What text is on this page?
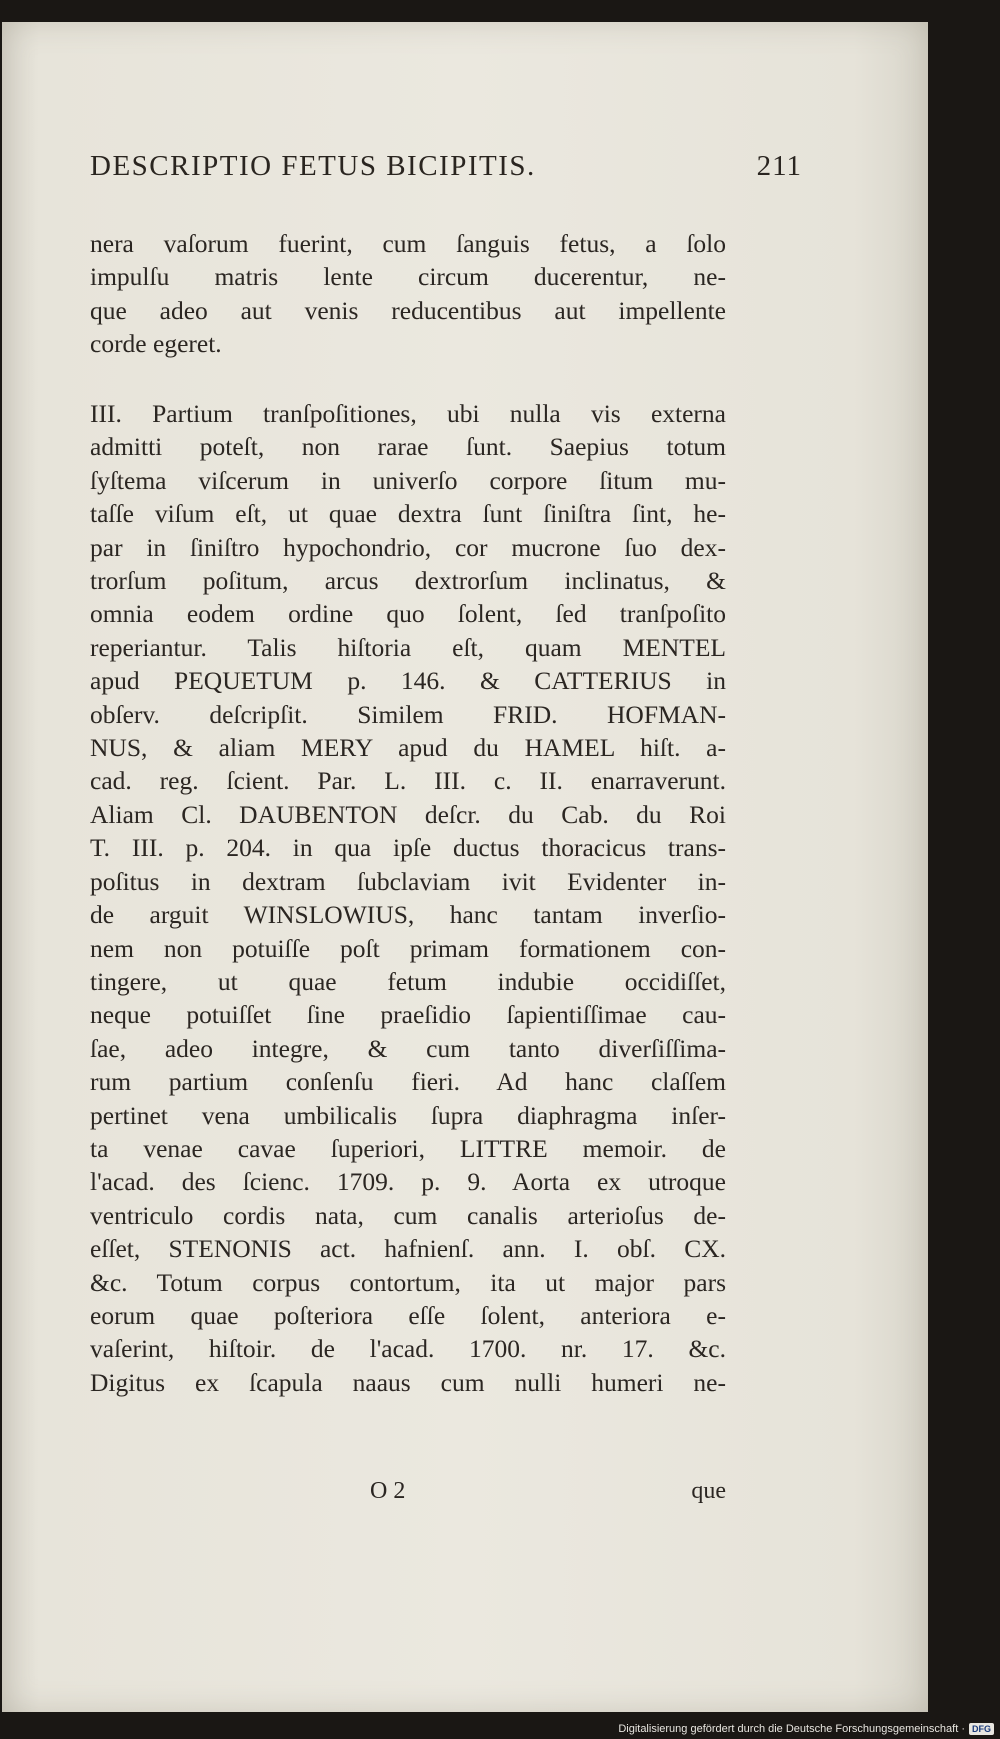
DESCRIPTIO FETUS BICIPITIS.	211
nera vaſorum fuerint, cum ſanguis fetus, a ſolo
impulſu matris lente circum ducerentur, ne-
que adeo aut venis reducentibus aut impellente
corde egeret.
III. Partium tranſpoſitiones, ubi nulla vis externa
admitti poteſt, non rarae ſunt. Saepius totum
ſyſtema viſcerum in univerſo corpore ſitum mu-
taſſe viſum eſt, ut quae dextra ſunt ſiniſtra ſint, he-
par in ſiniſtro hypochondrio, cor mucrone ſuo dex-
trorſum poſitum, arcus dextrorſum inclinatus, &
omnia eodem ordine quo ſolent, ſed tranſpoſito
reperiantur. Talis hiſtoria eſt, quam MENTEL
apud PEQUETUM p. 146. & CATTERIUS in
obſerv. deſcripſit. Similem FRID. HOFMAN-
NUS, & aliam MERY apud du HAMEL hiſt. a-
cad. reg. ſcient. Par. L. III. c. II. enarraverunt.
Aliam Cl. DAUBENTON deſcr. du Cab. du Roi
T. III. p. 204. in qua ipſe ductus thoracicus trans-
poſitus in dextram ſubclaviam ivit Evidenter in-
de arguit WINSLOWIUS, hanc tantam inverſio-
nem non potuiſſe poſt primam formationem con-
tingere, ut quae fetum indubie occidiſſet,
neque potuiſſet ſine praeſidio ſapientiſſimae cau-
ſae, adeo integre, & cum tanto diverſiſſima-
rum partium conſenſu fieri. Ad hanc claſſem
pertinet vena umbilicalis ſupra diaphragma inſer-
ta venae cavae ſuperiori, LITTRE memoir. de
l'acad. des ſcienc. 1709. p. 9. Aorta ex utroque
ventriculo cordis nata, cum canalis arterioſus de-
eſſet, STENONIS act. hafnienſ. ann. I. obſ. CX.
&c. Totum corpus contortum, ita ut major pars
eorum quae poſteriora eſſe ſolent, anteriora e-
vaſerint, hiſtoir. de l'acad. 1700. nr. 17. &c.
Digitus ex ſcapula naaus cum nulli humeri ne-
O 2	que
Digitalisierung gefördert durch die Deutsche Forschungsgemeinschaft · DFG
